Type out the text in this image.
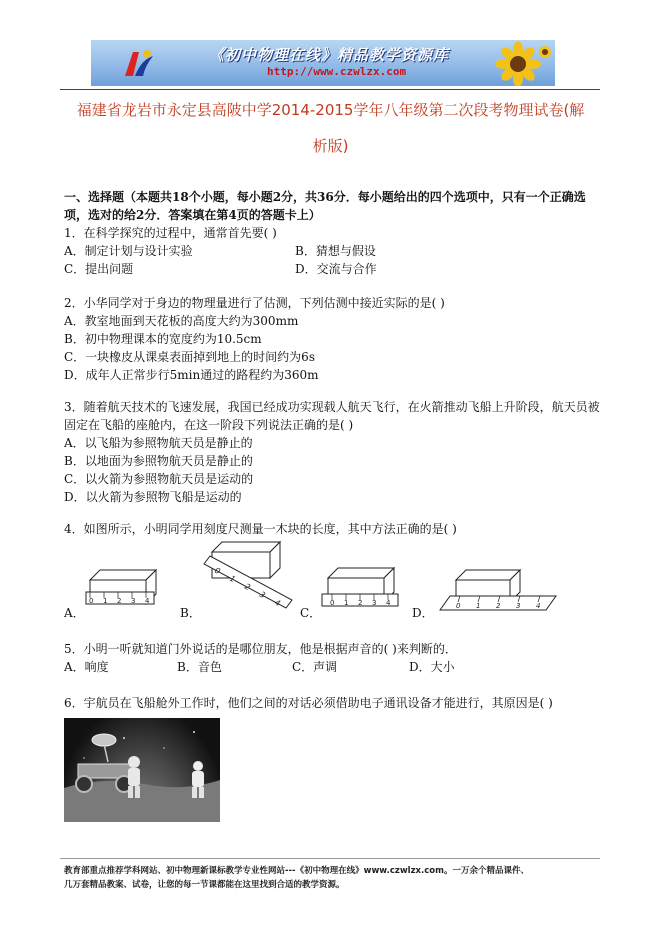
《初中物理在线》精品教学资源库
http://www.czwlzx.com
福建省龙岩市永定县高陂中学2014-2015学年八年级第二次段考物理试卷(解
析版)
一、选择题（本题共18个小题，每小题2分，共36分．每小题给出的四个选项中，只有一个正确选
项，选对的给2分．答案填在第4页的答题卡上）
1．在科学探究的过程中，通常首先要( )
A．制定计划与设计实验	B．猜想与假设
C．提出问题	D．交流与合作
2．小华同学对于身边的物理量进行了估测，下列估测中接近实际的是( )
A．教室地面到天花板的高度大约为300mm
B．初中物理课本的宽度约为10.5cm
C．一块橡皮从课桌表面掉到地上的时间约为6s
D．成年人正常步行5min通过的路程约为360m
3．随着航天技术的飞速发展，我国已经成功实现载人航天飞行，在火箭推动飞船上升阶段，航天员被
固定在飞船的座舱内，在这一阶段下列说法正确的是( )
A．以飞船为参照物航天员是静止的
B．以地面为参照物航天员是静止的
C．以火箭为参照物航天员是运动的
D．以火箭为参照物飞船是运动的
4．如图所示，小明同学用刻度尺测量一木块的长度，其中方法正确的是( )
0 1 2 3 4
A．
0
1
2
3
4
B．
0 1 2 3 4
C．	0 1 2 3 4
D．
5．小明一听就知道门外说话的是哪位朋友，他是根据声音的( )来判断的．
A．响度	B．音色	C．声调	D．大小
6．宇航员在飞船舱外工作时，他们之间的对话必须借助电子通讯设备才能进行，其原因是( )
教育部重点推荐学科网站、初中物理新课标教学专业性网站---《初中物理在线》www.czwlzx.com。一万余个精品课件、
几万套精品教案、试卷，让您的每一节课都能在这里找到合适的教学资源。
